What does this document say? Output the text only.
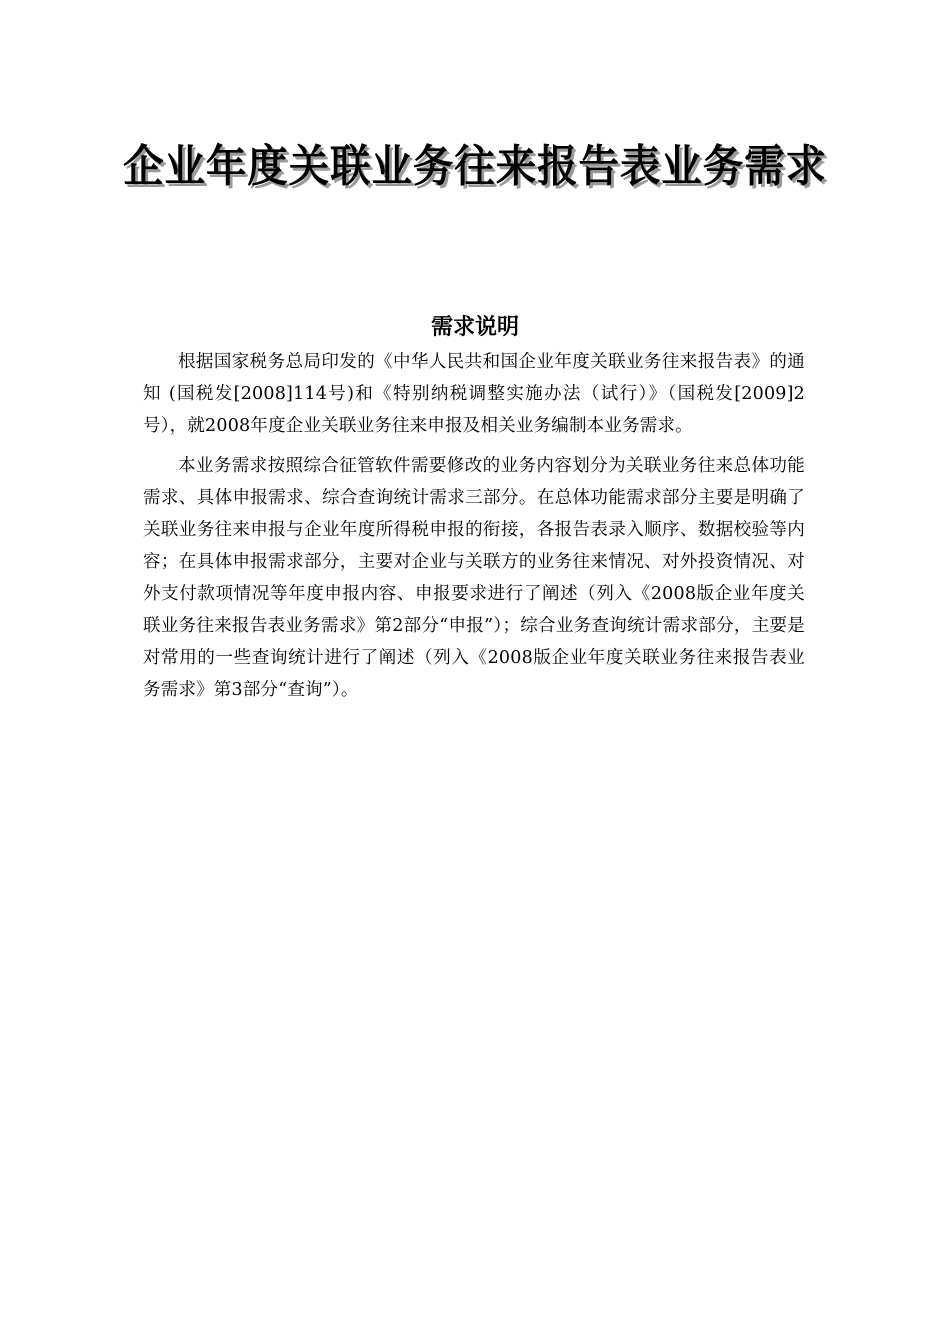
企业年度关联业务往来报告表业务需求
需求说明

根据国家税务总局印发的《中华人民共和国企业年度关联业务往来报告表》的通知 (国税发[2008]114号)和《特别纳税调整实施办法（试行）》（国税发[2009]2号），就2008年度企业关联业务往来申报及相关业务编制本业务需求。

本业务需求按照综合征管软件需要修改的业务内容划分为关联业务往来总体功能需求、具体申报需求、综合查询统计需求三部分。在总体功能需求部分主要是明确了关联业务往来申报与企业年度所得税申报的衔接，各报告表录入顺序、数据校验等内容；在具体申报需求部分，主要对企业与关联方的业务往来情况、对外投资情况、对外支付款项情况等年度申报内容、申报要求进行了阐述（列入《2008版企业年度关联业务往来报告表业务需求》第2部分“申报”）；综合业务查询统计需求部分，主要是对常用的一些查询统计进行了阐述（列入《2008版企业年度关联业务往来报告表业务需求》第3部分“查询”）。
